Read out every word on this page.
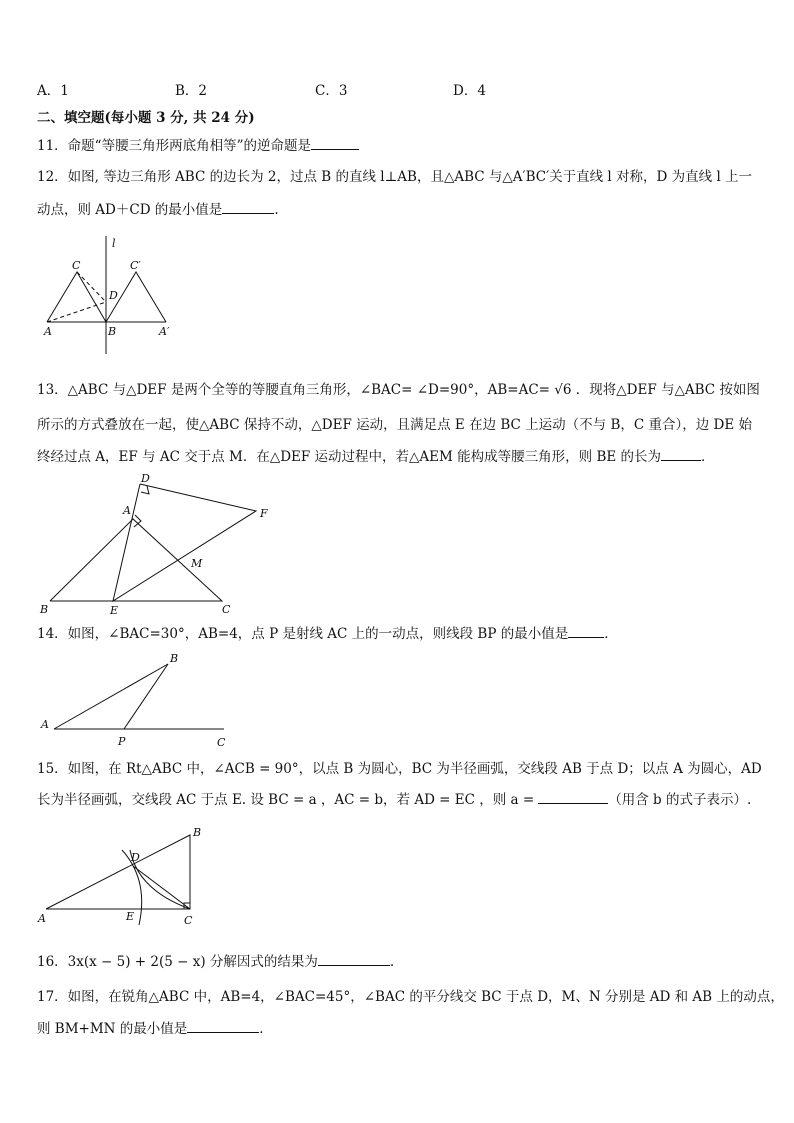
A．1	B．2	C．3	D．4
二、填空题(每小题 3 分, 共 24 分)
11．命题“等腰三角形两底角相等”的逆命题是
12．如图, 等边三角形 ABC 的边长为 2，过点 B 的直线 l⊥AB，且△ABC 与△A′BC′关于直线 l 对称，D 为直线 l 上一
动点，则 AD＋CD 的最小值是	.
13．△ABC 与△DEF 是两个全等的等腰直角三角形，∠BAC= ∠D=90°，AB=AC= √6 ．现将△DEF 与△ABC 按如图
所示的方式叠放在一起，使△ABC 保持不动，△DEF 运动，且满足点 E 在边 BC 上运动（不与 B，C 重合），边 DE 始
终经过点 A，EF 与 AC 交于点 M．在△DEF 运动过程中，若△AEM 能构成等腰三角形，则 BE 的长为	．
14．如图，∠BAC=30°，AB=4，点 P 是射线 AC 上的一动点，则线段 BP 的最小值是	．
15．如图，在 Rt△ABC 中，∠ACB = 90°，以点 B 为圆心，BC 为半径画弧，交线段 AB 于点 D；以点 A 为圆心，AD
长为半径画弧，交线段 AC 于点 E. 设 BC = a ，AC = b，若 AD = EC ，则 a =	（用含 b 的式子表示）.
16．3x(x − 5) + 2(5 − x) 分解因式的结果为	.
17．如图，在锐角△ABC 中，AB=4，∠BAC=45°，∠BAC 的平分线交 BC 于点 D，M、N 分别是 AD 和 AB 上的动点，
则 BM+MN 的最小值是	．
l
C	C′
D
A	B	A′
D
A	F
M
B	E	C
B
A
P	C
B
D
A	E	C
